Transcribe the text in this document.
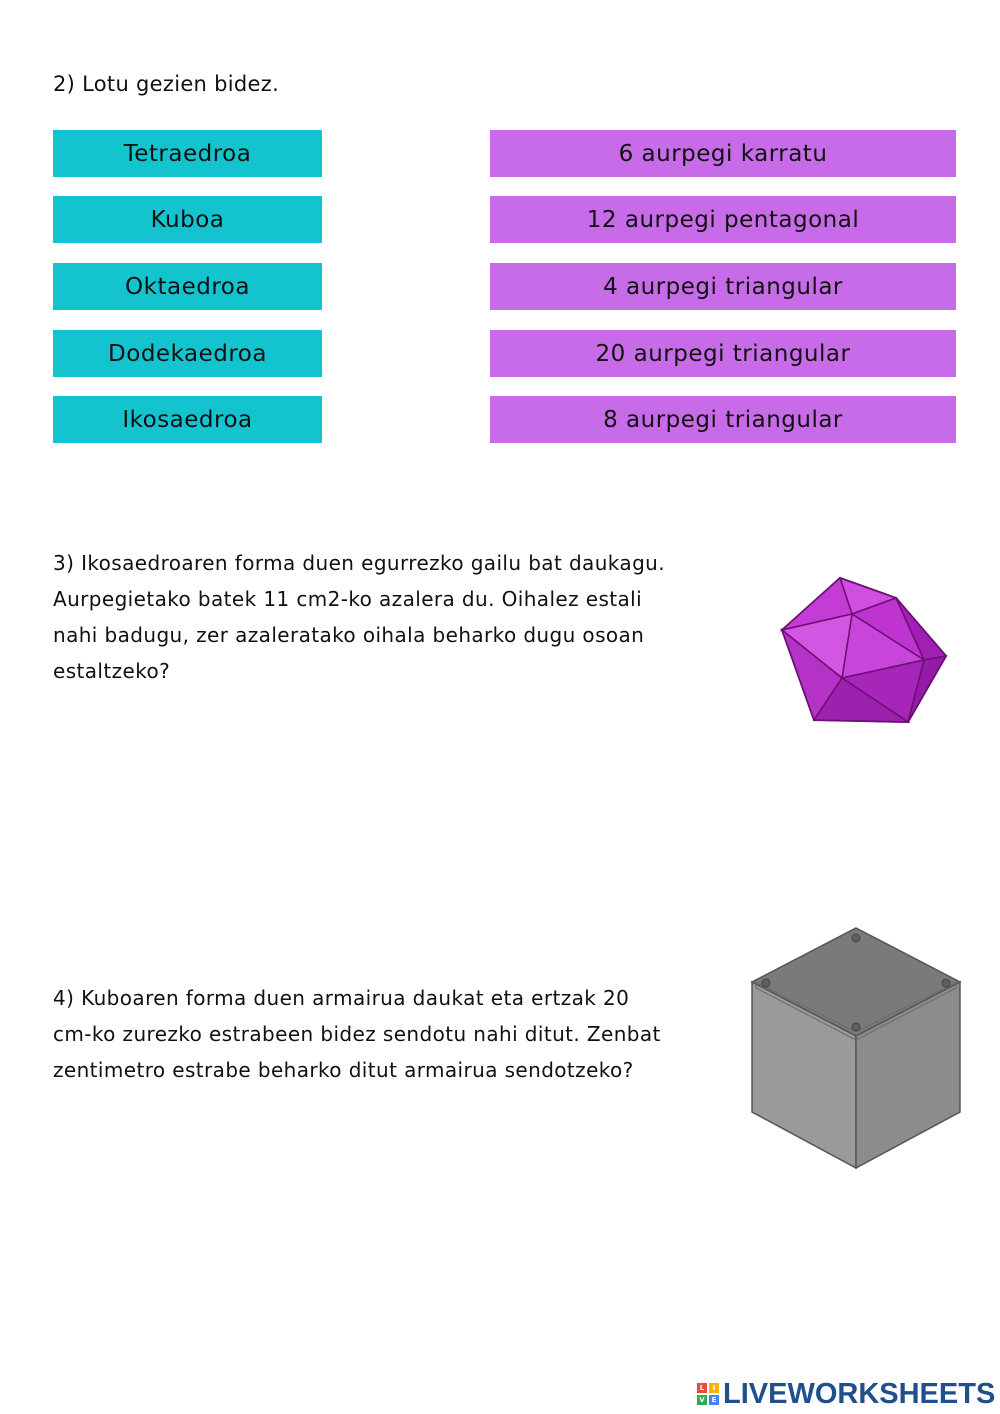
2) Lotu gezien bidez.
Tetraedroa
Kuboa
Oktaedroa
Dodekaedroa
Ikosaedroa
6 aurpegi karratu
12 aurpegi pentagonal
4 aurpegi triangular
20 aurpegi triangular
8 aurpegi triangular
3) Ikosaedroaren forma duen egurrezko gailu bat daukagu.
Aurpegietako batek 11 cm2-ko azalera du. Oihalez estali
nahi badugu, zer azaleratako oihala beharko dugu osoan
estaltzeko?
4) Kuboaren forma duen armairua daukat eta ertzak 20
cm-ko zurezko estrabeen bidez sendotu nahi ditut. Zenbat
zentimetro estrabe beharko ditut armairua sendotzeko?
L	I
V E LIVEWORKSHEETS
